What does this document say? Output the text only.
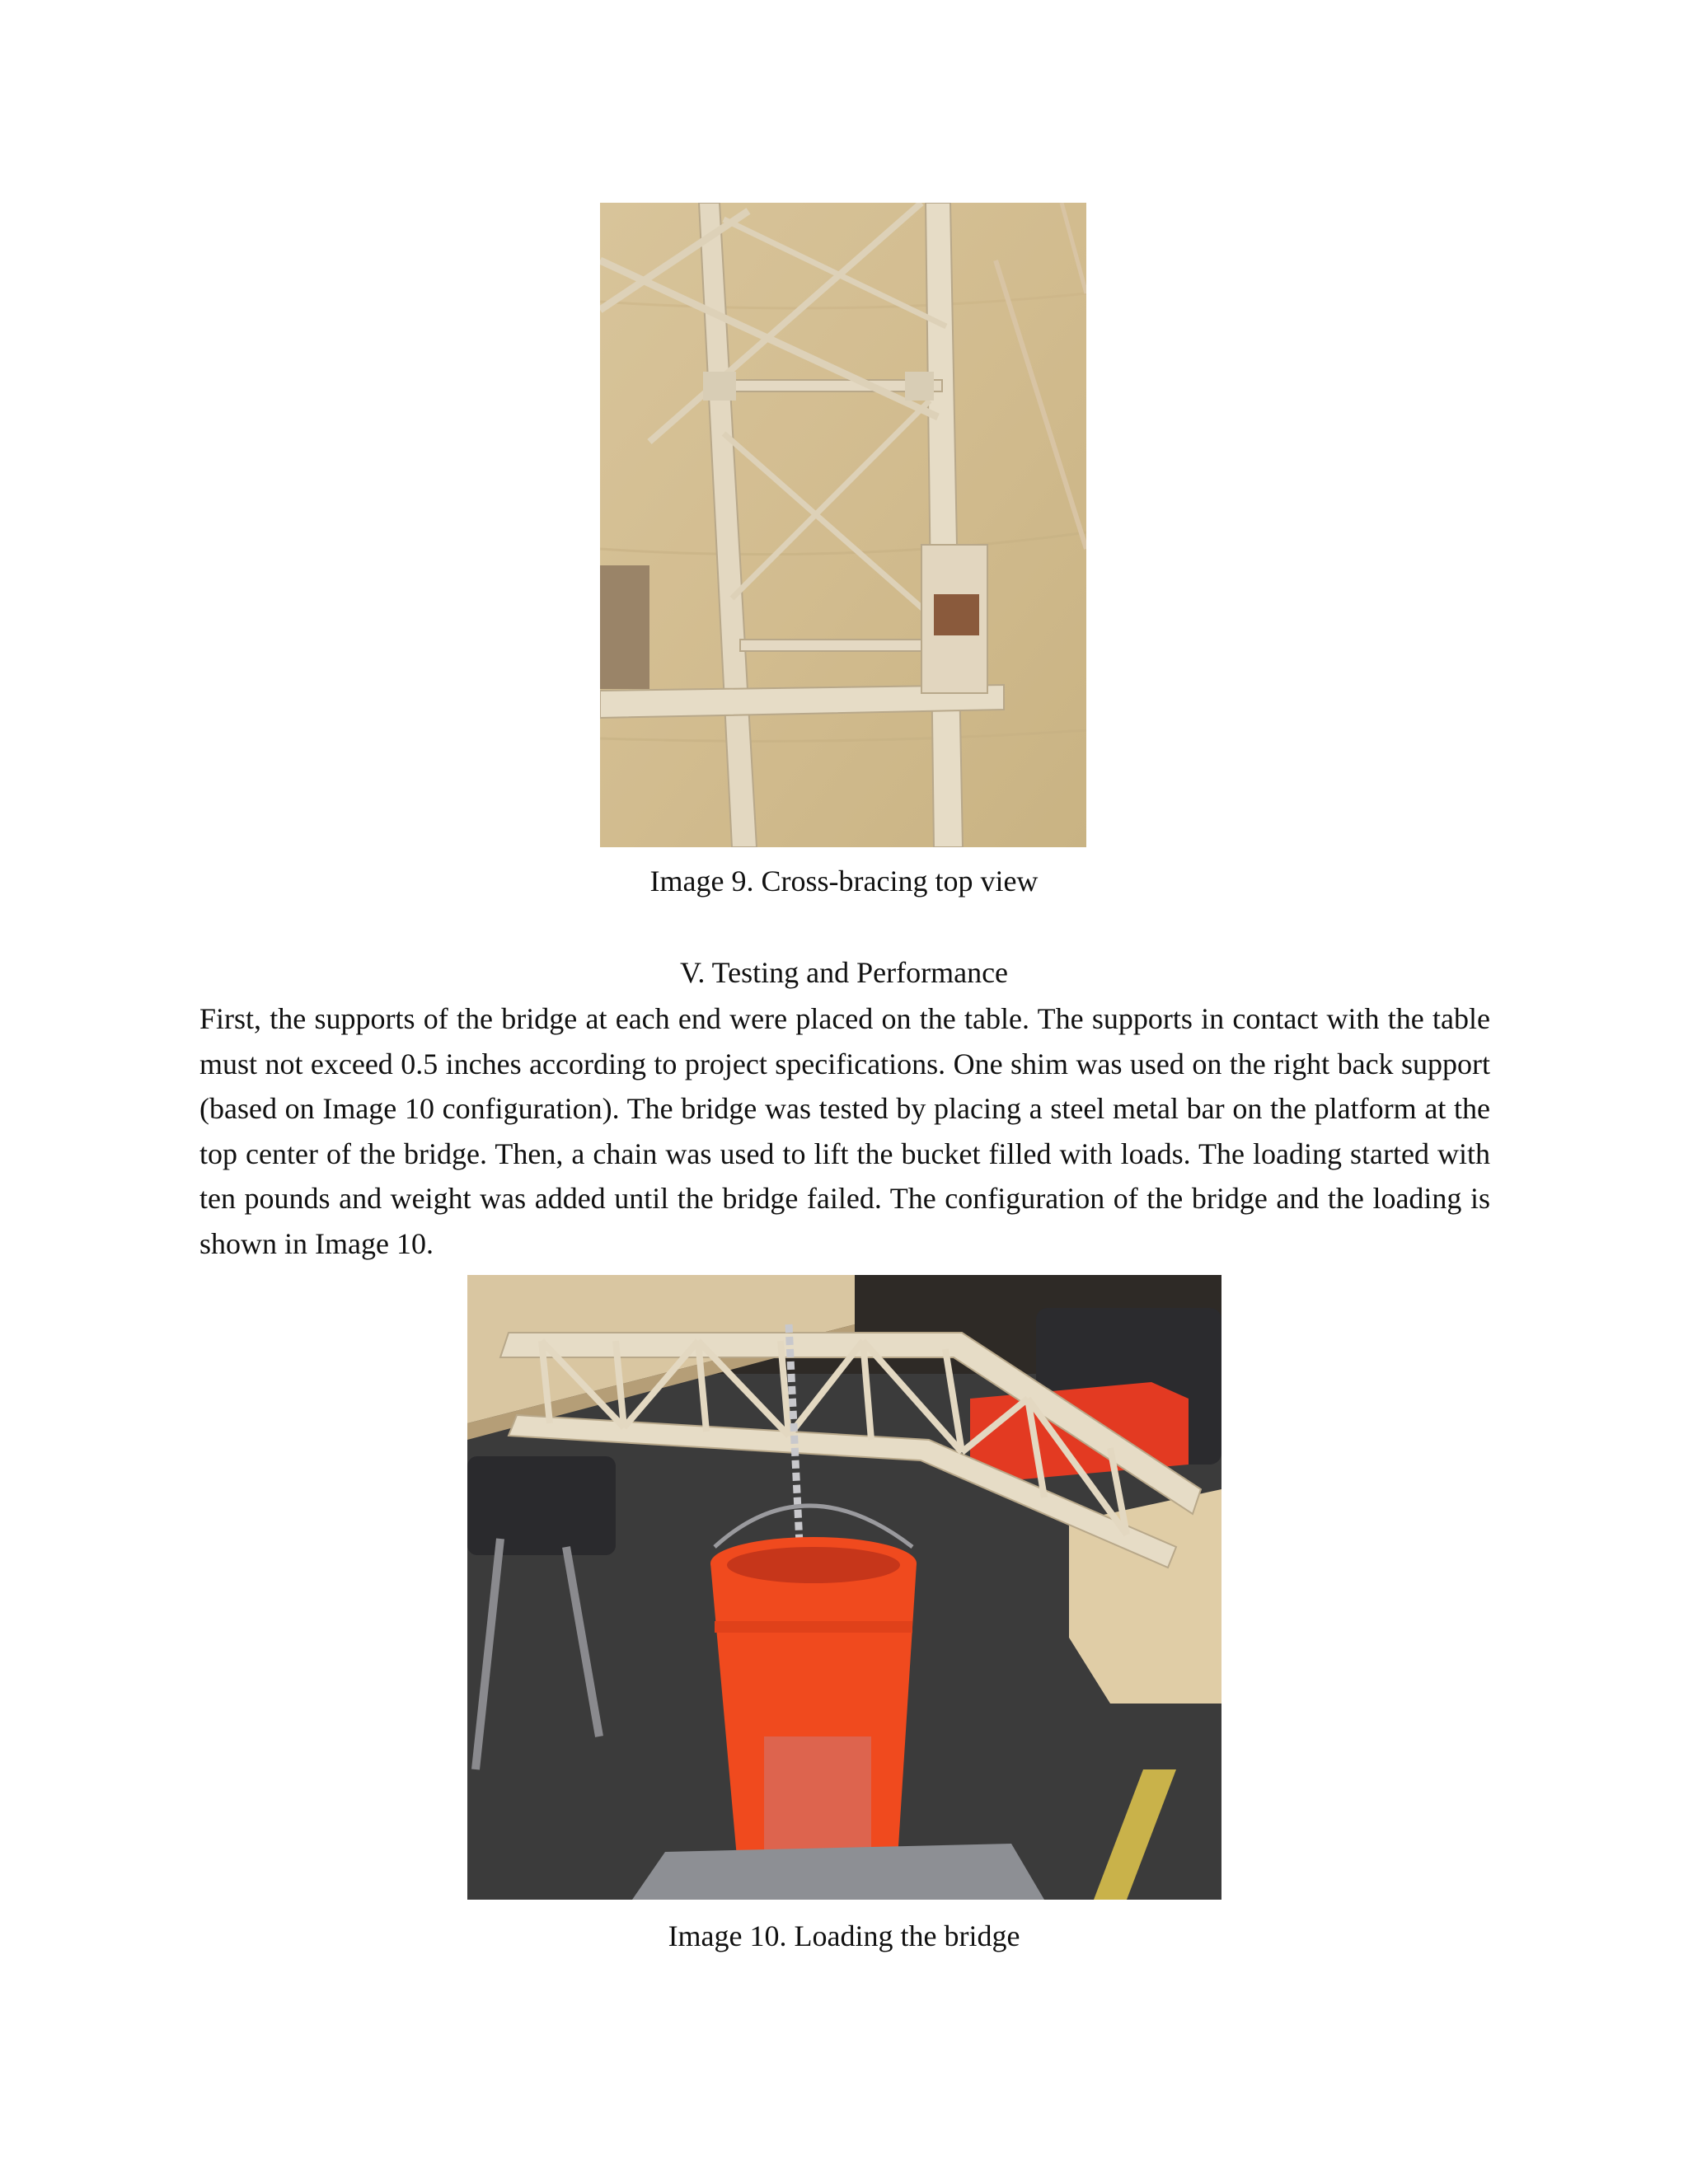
Image 9. Cross-bracing top view
V. Testing and Performance

First, the supports of the bridge at each end were placed on the table. The supports in contact with the table must not exceed 0.5 inches according to project specifications. One shim was used on the right back support (based on Image 10 configuration). The bridge was tested by placing a steel metal bar on the platform at the top center of the bridge. Then, a chain was used to lift the bucket filled with loads. The loading started with ten pounds and weight was added until the bridge failed. The configuration of the bridge and the loading is shown in Image 10.

Image 10. Loading the bridge
